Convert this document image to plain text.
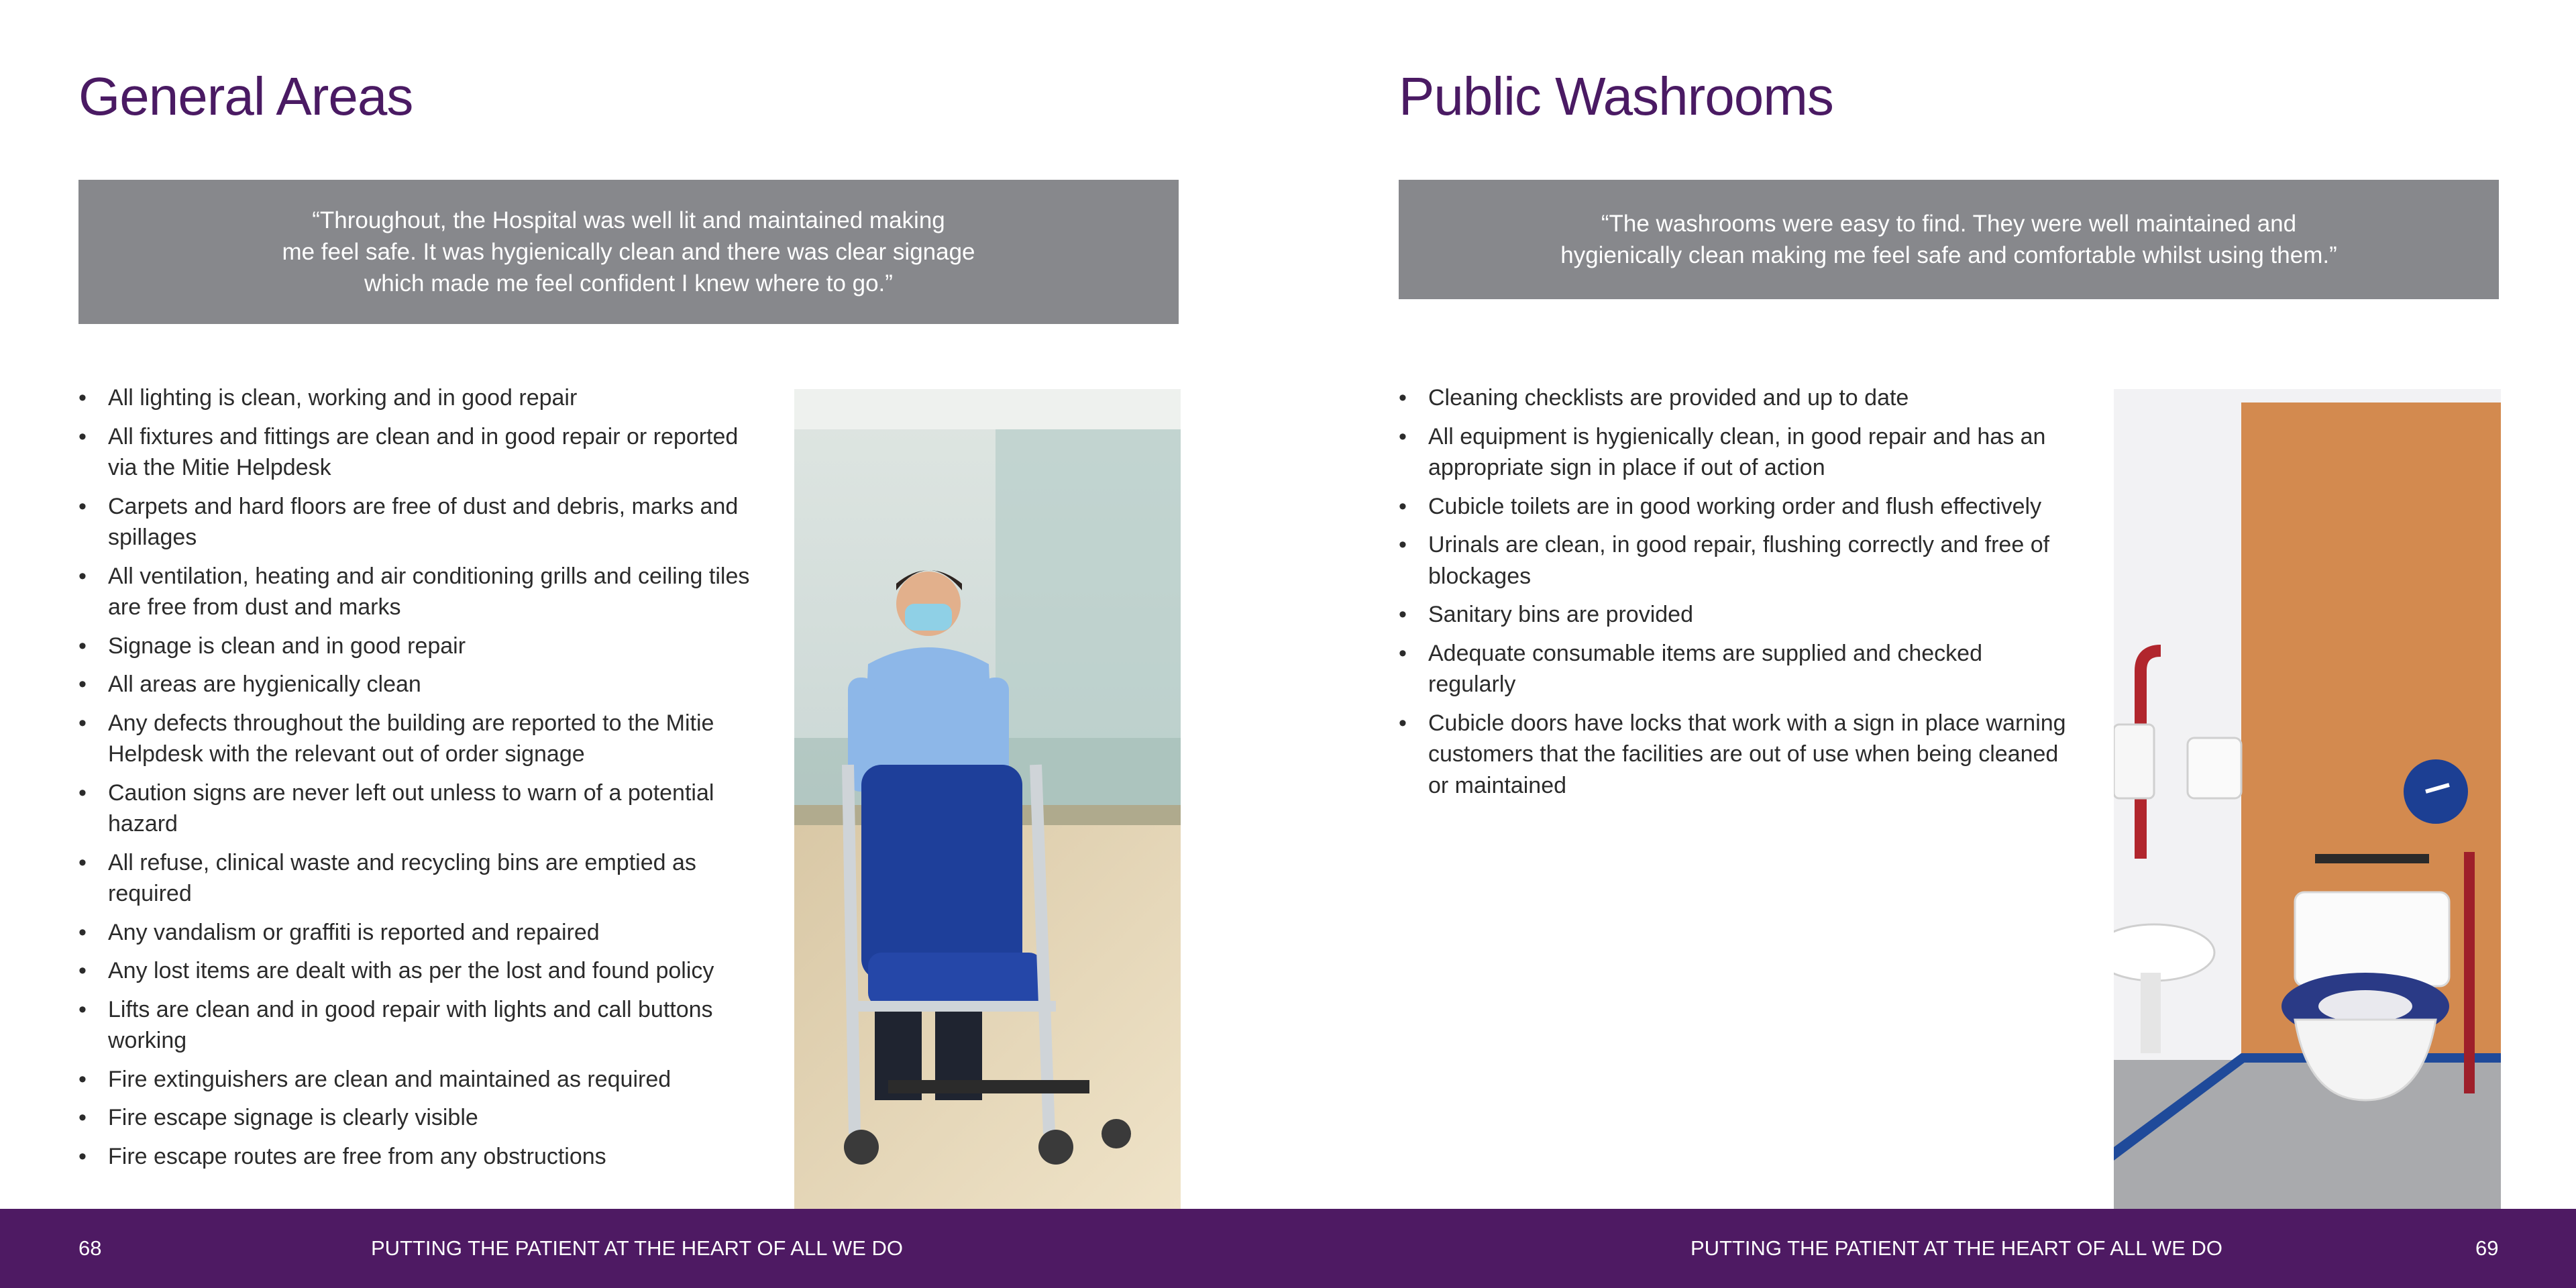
General Areas

“Throughout, the Hospital was well lit and maintained making
me feel safe. It was hygienically clean and there was clear signage
which made me feel confident I knew where to go.”

• All lighting is clean, working and in good repair
• All fixtures and fittings are clean and in good repair or reported via the Mitie Helpdesk
• Carpets and hard floors are free of dust and debris, marks and spillages
• All ventilation, heating and air conditioning grills and ceiling tiles are free from dust and marks
• Signage is clean and in good repair
• All areas are hygienically clean
• Any defects throughout the building are reported to the Mitie Helpdesk with the relevant out of order signage
• Caution signs are never left out unless to warn of a potential hazard
• All refuse, clinical waste and recycling bins are emptied as required
• Any vandalism or graffiti is reported and repaired
• Any lost items are dealt with as per the lost and found policy
• Lifts are clean and in good repair with lights and call buttons working
• Fire extinguishers are clean and maintained as required
• Fire escape signage is clearly visible
• Fire escape routes are free from any obstructions
Public Washrooms

“The washrooms were easy to find. They were well maintained and
hygienically clean making me feel safe and comfortable whilst using them.”

• Cleaning checklists are provided and up to date
• All equipment is hygienically clean, in good repair and has an appropriate sign in place if out of action
• Cubicle toilets are in good working order and flush effectively
• Urinals are clean, in good repair, flushing correctly and free of blockages
• Sanitary bins are provided
• Adequate consumable items are supplied and checked regularly
• Cubicle doors have locks that work with a sign in place warning customers that the facilities are out of use when being cleaned or maintained
68	PUTTING THE PATIENT AT THE HEART OF ALL WE DO	PUTTING THE PATIENT AT THE HEART OF ALL WE DO	69
